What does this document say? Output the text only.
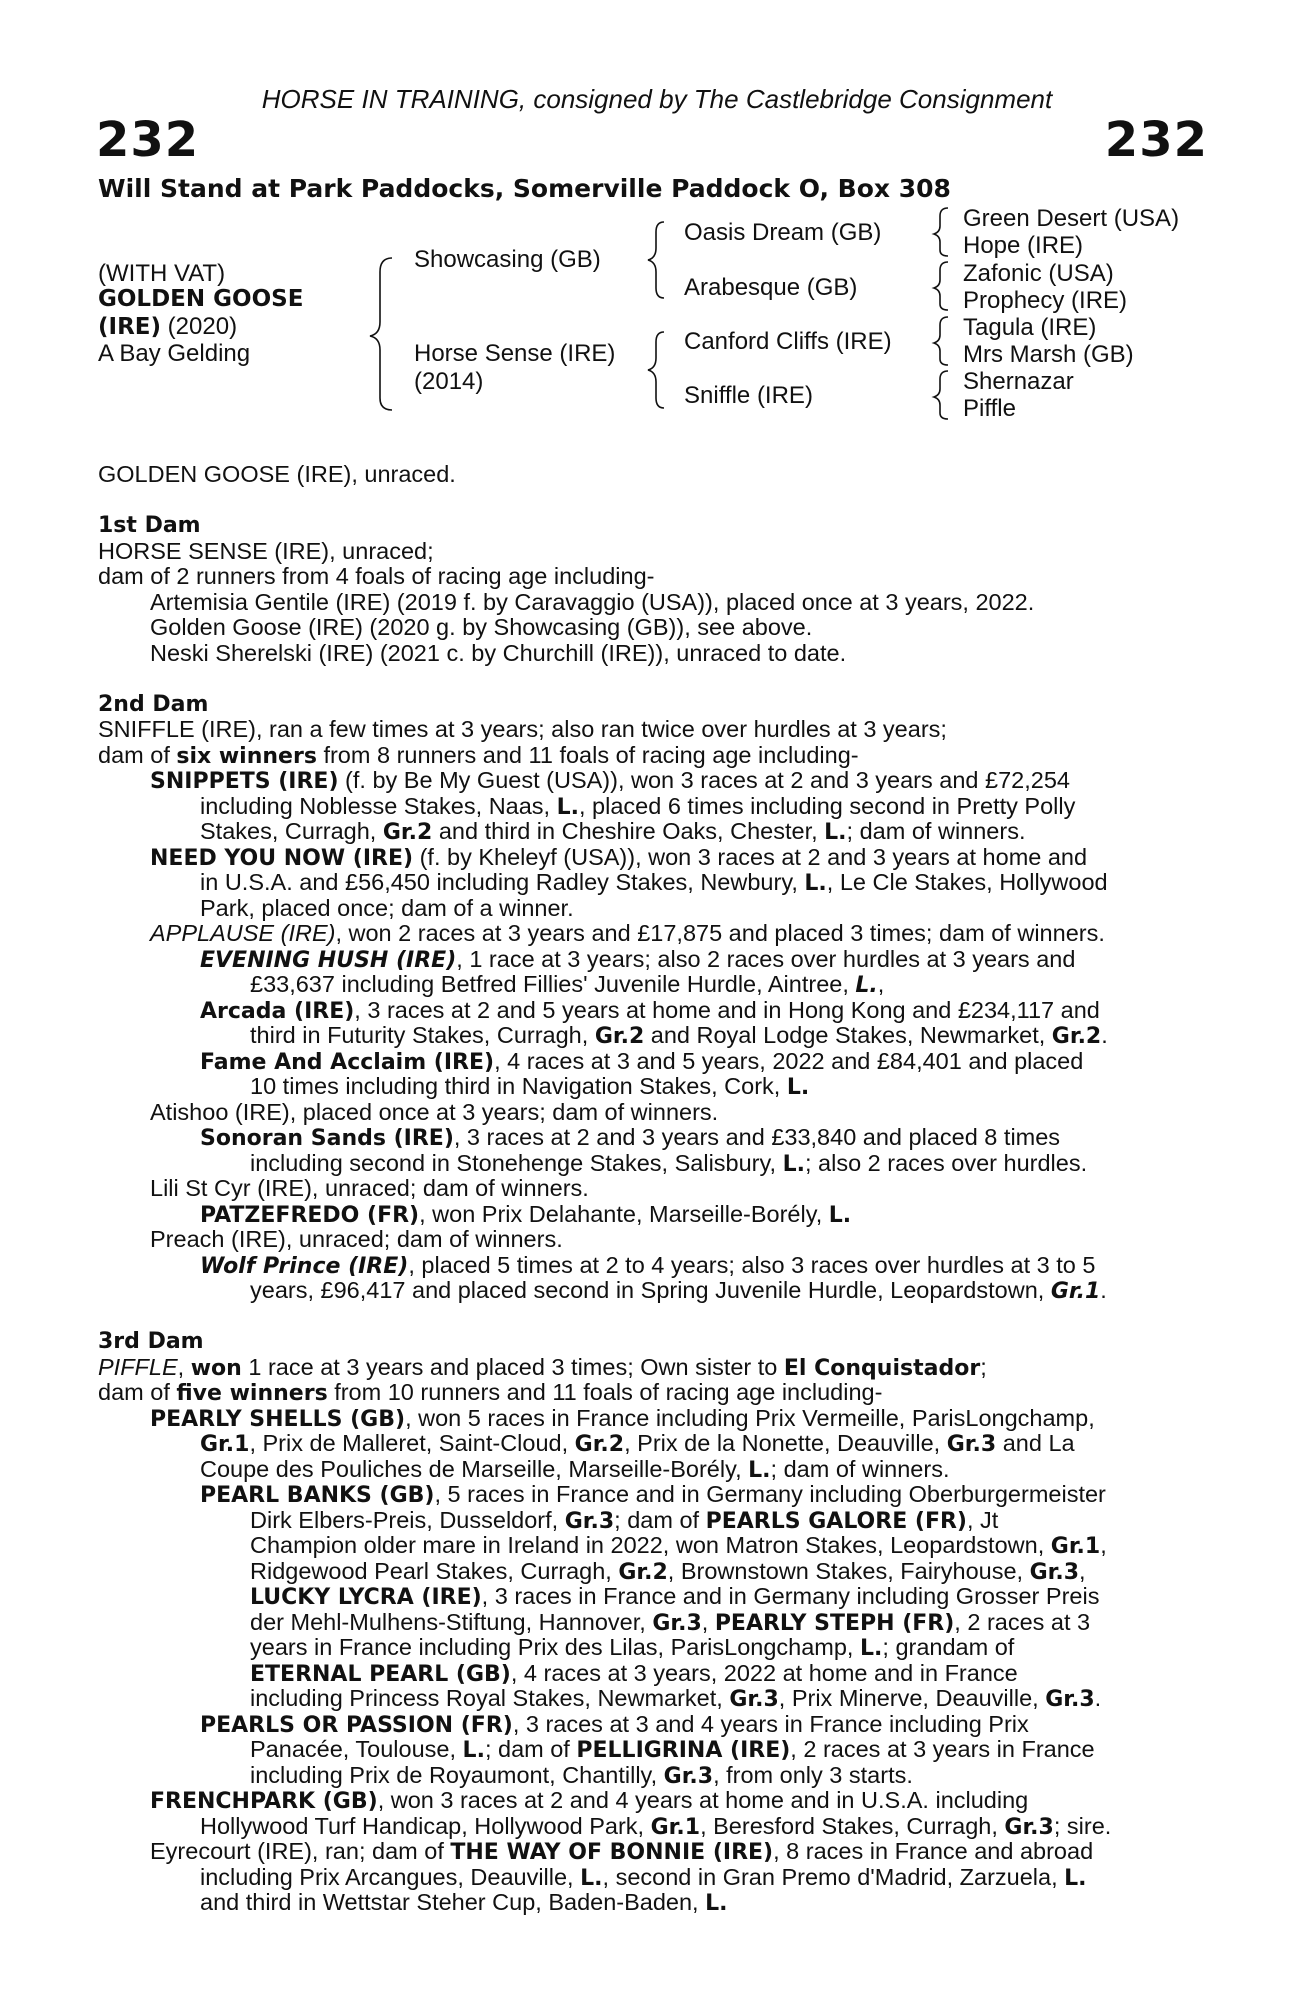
HORSE IN TRAINING, consigned by The Castlebridge Consignment
232	232
Will Stand at Park Paddocks, Somerville Paddock O, Box 308
(WITH VAT)
GOLDEN GOOSE
(IRE) (2020)
A Bay Gelding
Showcasing (GB)
Horse Sense (IRE)
(2014)
Oasis Dream (GB)
Arabesque (GB)
Canford Cliffs (IRE)
Sniffle (IRE)
Green Desert (USA)
Hope (IRE)
Zafonic (USA)
Prophecy (IRE)
Tagula (IRE)
Mrs Marsh (GB)
Shernazar
Piffle
GOLDEN GOOSE (IRE), unraced.
1st Dam
HORSE SENSE (IRE), unraced;
dam of 2 runners from 4 foals of racing age including-
Artemisia Gentile (IRE) (2019 f. by Caravaggio (USA)), placed once at 3 years, 2022.
Golden Goose (IRE) (2020 g. by Showcasing (GB)), see above.
Neski Sherelski (IRE) (2021 c. by Churchill (IRE)), unraced to date.
2nd Dam
SNIFFLE (IRE), ran a few times at 3 years; also ran twice over hurdles at 3 years;
dam of six winners from 8 runners and 11 foals of racing age including-
SNIPPETS (IRE) (f. by Be My Guest (USA)), won 3 races at 2 and 3 years and £72,254
including Noblesse Stakes, Naas, L., placed 6 times including second in Pretty Polly
Stakes, Curragh, Gr.2 and third in Cheshire Oaks, Chester, L.; dam of winners.
NEED YOU NOW (IRE) (f. by Kheleyf (USA)), won 3 races at 2 and 3 years at home and
in U.S.A. and £56,450 including Radley Stakes, Newbury, L., Le Cle Stakes, Hollywood
Park, placed once; dam of a winner.
APPLAUSE (IRE), won 2 races at 3 years and £17,875 and placed 3 times; dam of winners.
EVENING HUSH (IRE), 1 race at 3 years; also 2 races over hurdles at 3 years and
£33,637 including Betfred Fillies' Juvenile Hurdle, Aintree, L.,
Arcada (IRE), 3 races at 2 and 5 years at home and in Hong Kong and £234,117 and
third in Futurity Stakes, Curragh, Gr.2 and Royal Lodge Stakes, Newmarket, Gr.2.
Fame And Acclaim (IRE), 4 races at 3 and 5 years, 2022 and £84,401 and placed
10 times including third in Navigation Stakes, Cork, L.
Atishoo (IRE), placed once at 3 years; dam of winners.
Sonoran Sands (IRE), 3 races at 2 and 3 years and £33,840 and placed 8 times
including second in Stonehenge Stakes, Salisbury, L.; also 2 races over hurdles.
Lili St Cyr (IRE), unraced; dam of winners.
PATZEFREDO (FR), won Prix Delahante, Marseille-Borély, L.
Preach (IRE), unraced; dam of winners.
Wolf Prince (IRE), placed 5 times at 2 to 4 years; also 3 races over hurdles at 3 to 5
years, £96,417 and placed second in Spring Juvenile Hurdle, Leopardstown, Gr.1.
3rd Dam
PIFFLE, won 1 race at 3 years and placed 3 times; Own sister to El Conquistador;
dam of five winners from 10 runners and 11 foals of racing age including-
PEARLY SHELLS (GB), won 5 races in France including Prix Vermeille, ParisLongchamp,
Gr.1, Prix de Malleret, Saint-Cloud, Gr.2, Prix de la Nonette, Deauville, Gr.3 and La
Coupe des Pouliches de Marseille, Marseille-Borély, L.; dam of winners.
PEARL BANKS (GB), 5 races in France and in Germany including Oberburgermeister
Dirk Elbers-Preis, Dusseldorf, Gr.3; dam of PEARLS GALORE (FR), Jt
Champion older mare in Ireland in 2022, won Matron Stakes, Leopardstown, Gr.1,
Ridgewood Pearl Stakes, Curragh, Gr.2, Brownstown Stakes, Fairyhouse, Gr.3,
LUCKY LYCRA (IRE), 3 races in France and in Germany including Grosser Preis
der Mehl-Mulhens-Stiftung, Hannover, Gr.3, PEARLY STEPH (FR), 2 races at 3
years in France including Prix des Lilas, ParisLongchamp, L.; grandam of
ETERNAL PEARL (GB), 4 races at 3 years, 2022 at home and in France
including Princess Royal Stakes, Newmarket, Gr.3, Prix Minerve, Deauville, Gr.3.
PEARLS OR PASSION (FR), 3 races at 3 and 4 years in France including Prix
Panacée, Toulouse, L.; dam of PELLIGRINA (IRE), 2 races at 3 years in France
including Prix de Royaumont, Chantilly, Gr.3, from only 3 starts.
FRENCHPARK (GB), won 3 races at 2 and 4 years at home and in U.S.A. including
Hollywood Turf Handicap, Hollywood Park, Gr.1, Beresford Stakes, Curragh, Gr.3; sire.
Eyrecourt (IRE), ran; dam of THE WAY OF BONNIE (IRE), 8 races in France and abroad
including Prix Arcangues, Deauville, L., second in Gran Premo d'Madrid, Zarzuela, L.
and third in Wettstar Steher Cup, Baden-Baden, L.
